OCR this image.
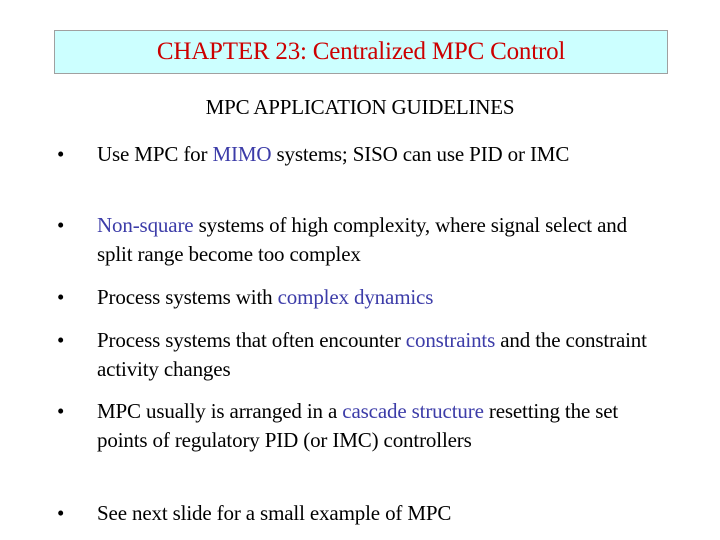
CHAPTER 23: Centralized MPC Control
MPC APPLICATION GUIDELINES
• Use MPC for MIMO systems; SISO can use PID or IMC
• Non-square systems of high complexity, where signal select and split range become too complex
• Process systems with complex dynamics
• Process systems that often encounter constraints and the constraint activity changes
• MPC usually is arranged in a cascade structure resetting the set points of regulatory PID (or IMC) controllers
• See next slide for a small example of MPC
